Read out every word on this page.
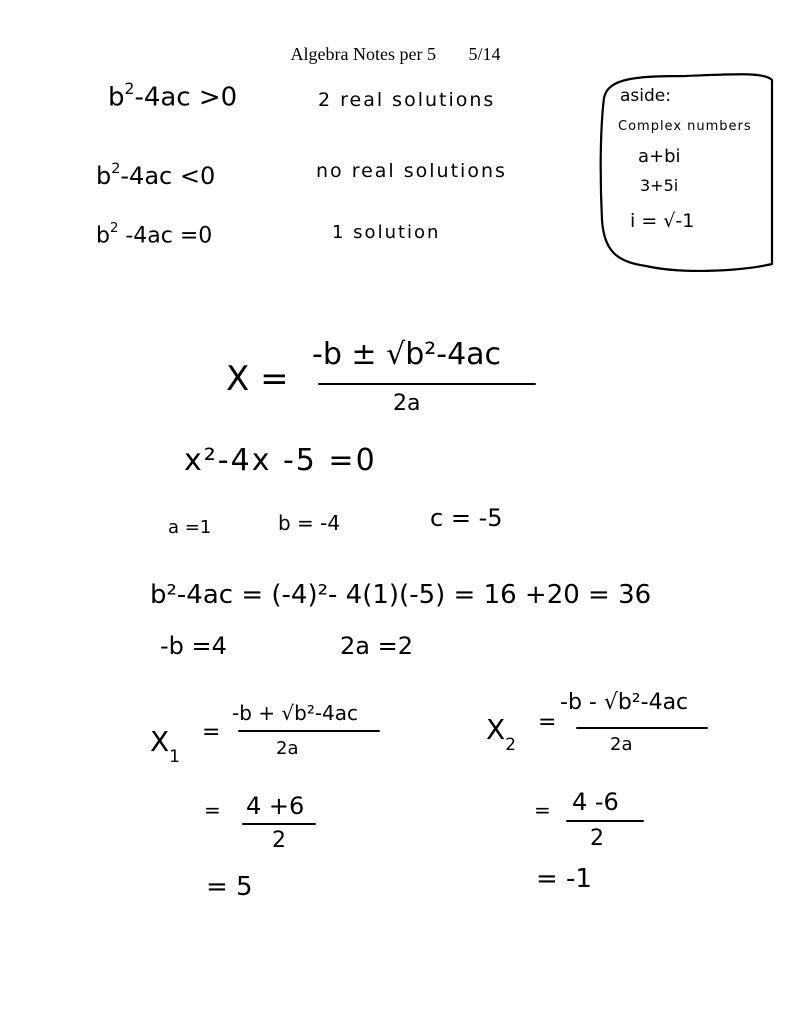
Algebra Notes per 5 5/14
$b^2-4ac >0$	2 real solutions
$b^2-4ac <0$	no real solutions
$b^2$ -4ac =0	1 solution
aside:
Complex numbers
a+bi
3+5i
i = √-1
X =
-b ± √b²-4ac
2a
x²-4x -5 =0
a =1	b = -4	c = -5
b²-4ac = (-4)²- 4(1)(-5) = 16 +20 = 36
-b =4	2a =2
$X_1$
=
-b + √b²-4ac
2a
= 4 +6
2
= 5
$X_2$
=
-b - √b²-4ac
2a
= 4 -6
2
= -1
